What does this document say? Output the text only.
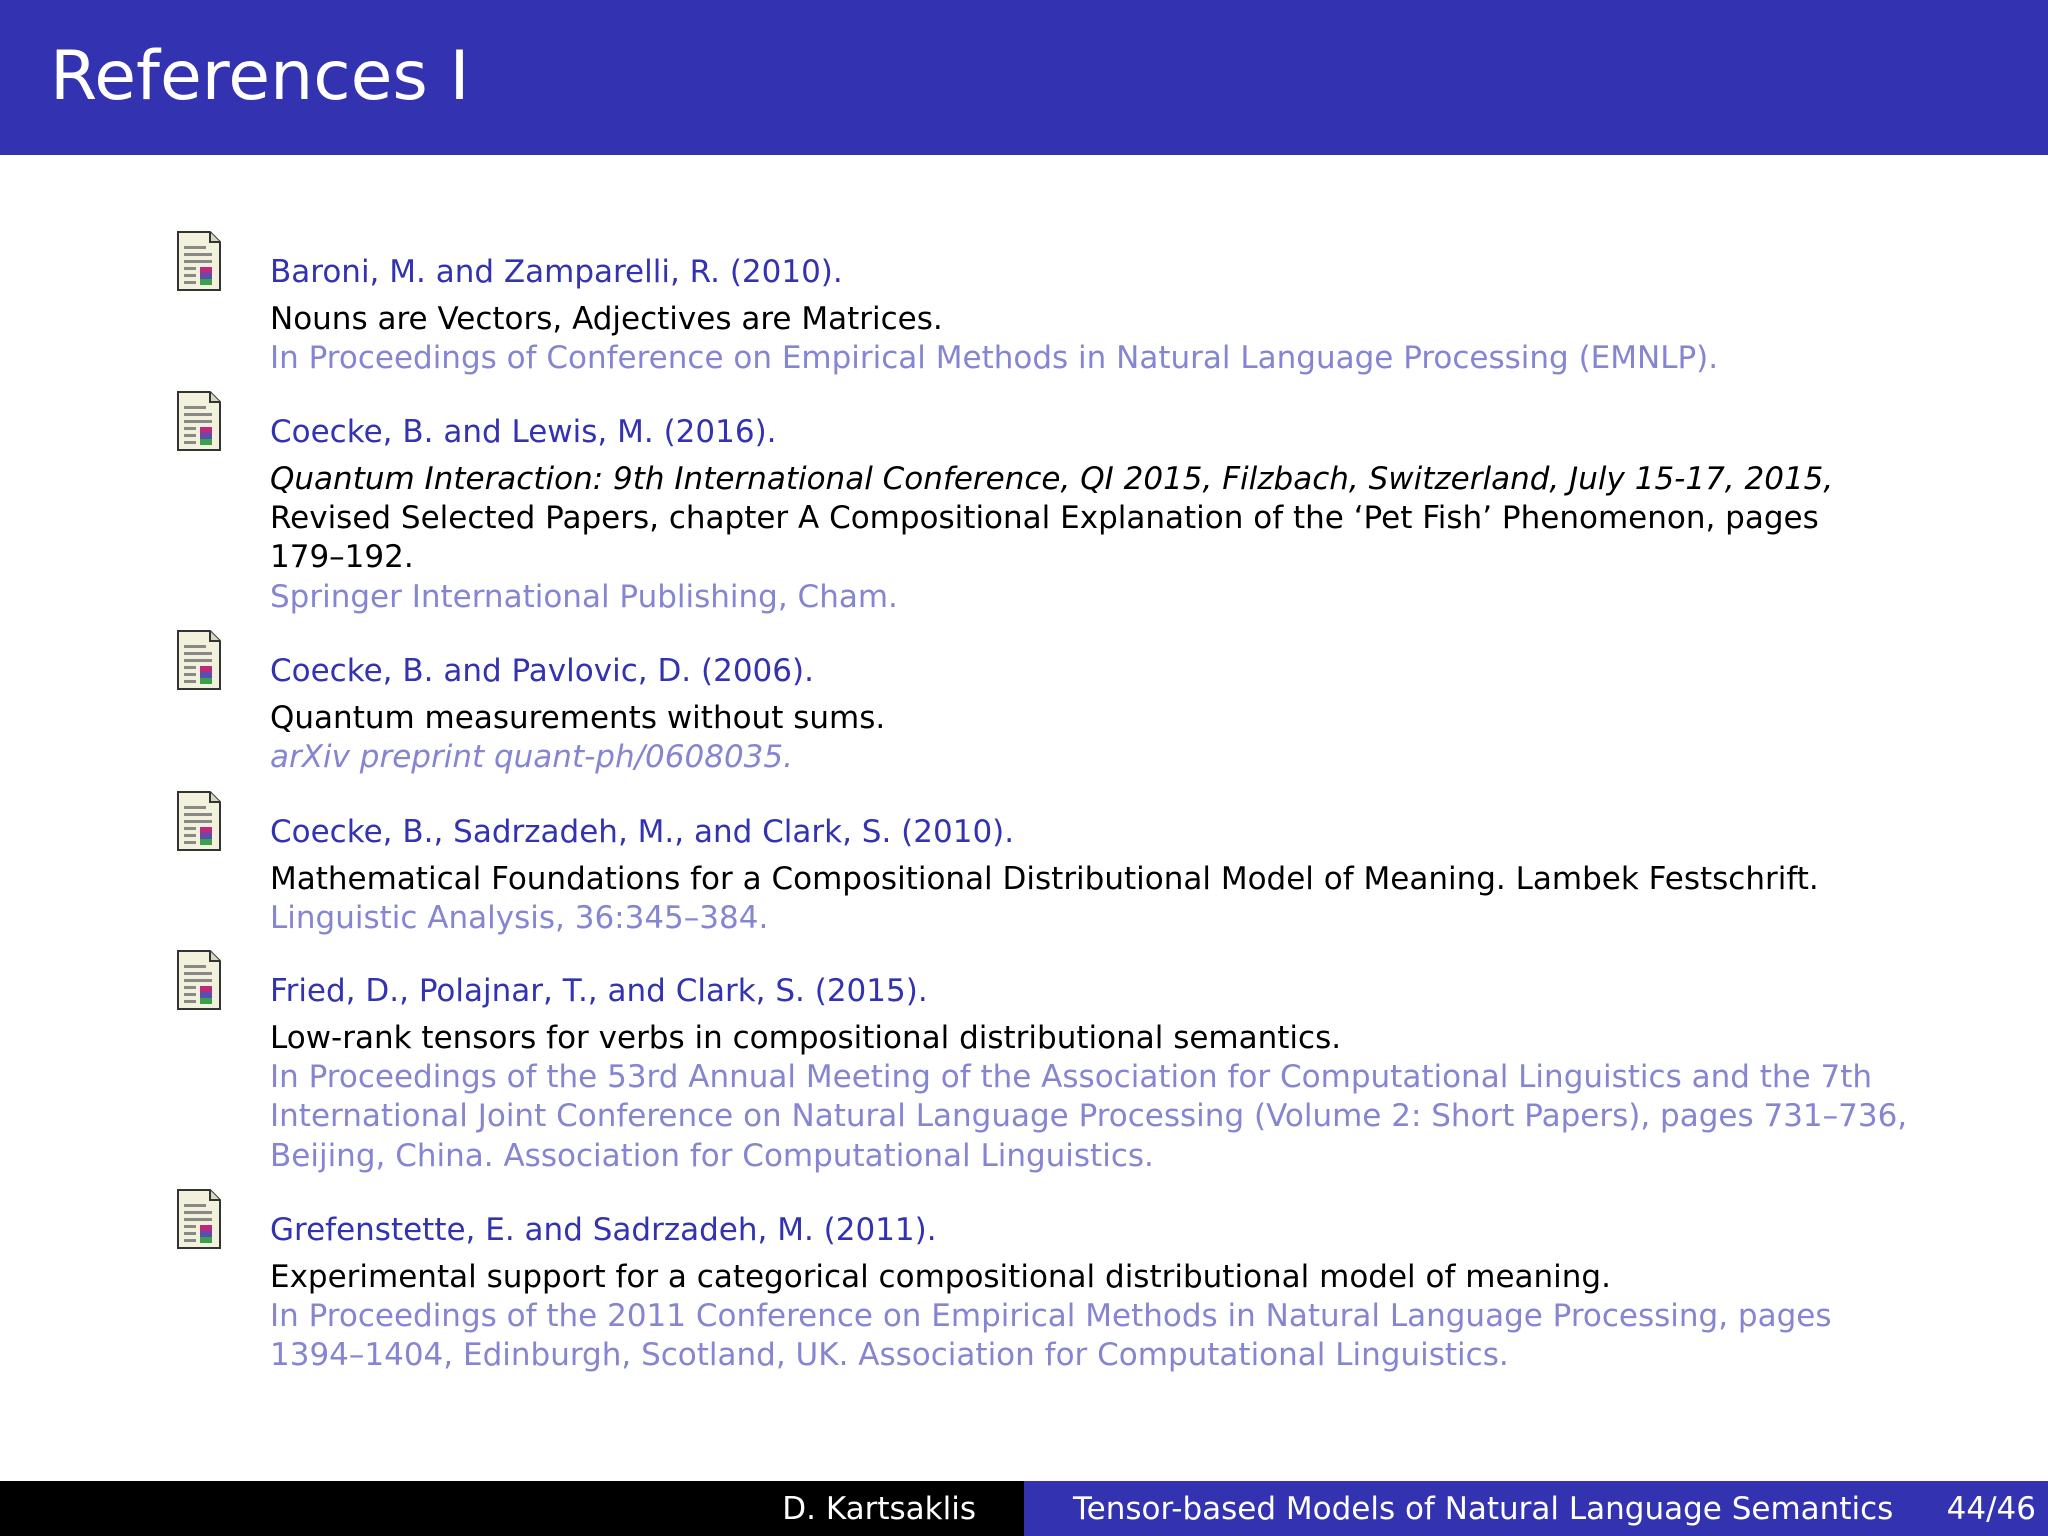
References I
Baroni, M. and Zamparelli, R. (2010).
Nouns are Vectors, Adjectives are Matrices.
In Proceedings of Conference on Empirical Methods in Natural Language Processing (EMNLP).
Coecke, B. and Lewis, M. (2016).
Quantum Interaction: 9th International Conference, QI 2015, Filzbach, Switzerland, July 15-17, 2015,
Revised Selected Papers, chapter A Compositional Explanation of the ‘Pet Fish’ Phenomenon, pages
179–192.
Springer International Publishing, Cham.
Coecke, B. and Pavlovic, D. (2006).
Quantum measurements without sums.
arXiv preprint quant-ph/0608035.
Coecke, B., Sadrzadeh, M., and Clark, S. (2010).
Mathematical Foundations for a Compositional Distributional Model of Meaning. Lambek Festschrift.
Linguistic Analysis, 36:345–384.
Fried, D., Polajnar, T., and Clark, S. (2015).
Low-rank tensors for verbs in compositional distributional semantics.
In Proceedings of the 53rd Annual Meeting of the Association for Computational Linguistics and the 7th
International Joint Conference on Natural Language Processing (Volume 2: Short Papers), pages 731–736,
Beijing, China. Association for Computational Linguistics.
Grefenstette, E. and Sadrzadeh, M. (2011).
Experimental support for a categorical compositional distributional model of meaning.
In Proceedings of the 2011 Conference on Empirical Methods in Natural Language Processing, pages
1394–1404, Edinburgh, Scotland, UK. Association for Computational Linguistics.
D. Kartsaklis	Tensor-based Models of Natural Language Semantics 44/46
